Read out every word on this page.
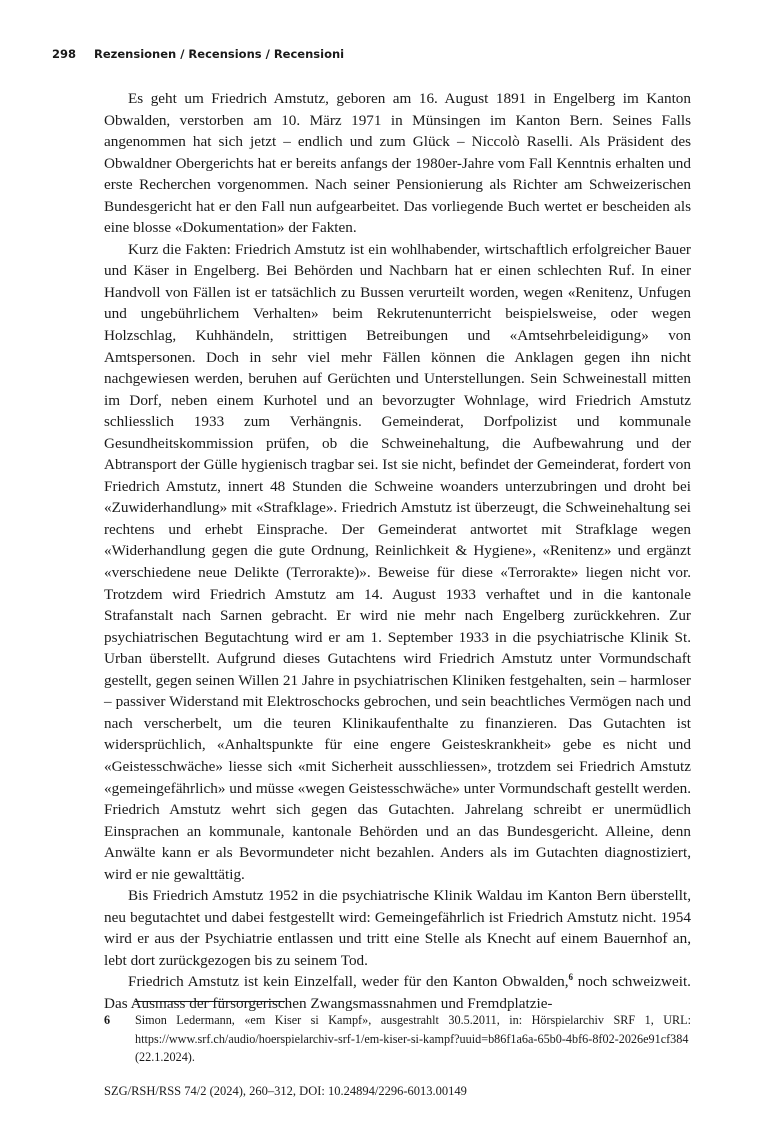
298 Rezensionen / Recensions / Recensioni

Es geht um Friedrich Amstutz, geboren am 16. August 1891 in Engelberg im Kanton Obwalden, verstorben am 10. März 1971 in Münsingen im Kanton Bern. Seines Falls angenommen hat sich jetzt – endlich und zum Glück – Niccolò Raselli. Als Präsident des Obwaldner Obergerichts hat er bereits anfangs der 1980er-Jahre vom Fall Kenntnis erhalten und erste Recherchen vorgenommen. Nach seiner Pensionierung als Richter am Schweizerischen Bundesgericht hat er den Fall nun aufgearbeitet. Das vorliegende Buch wertet er bescheiden als eine blosse «Dokumentation» der Fakten.

Kurz die Fakten: Friedrich Amstutz ist ein wohlhabender, wirtschaftlich erfolgreicher Bauer und Käser in Engelberg. Bei Behörden und Nachbarn hat er einen schlechten Ruf. In einer Handvoll von Fällen ist er tatsächlich zu Bussen verurteilt worden, wegen «Renitenz, Unfugen und ungebührlichem Verhalten» beim Rekrutenunterricht beispielsweise, oder wegen Holzschlag, Kuhhändeln, strittigen Betreibungen und «Amtsehrbeleidigung» von Amtspersonen. Doch in sehr viel mehr Fällen können die Anklagen gegen ihn nicht nachgewiesen werden, beruhen auf Gerüchten und Unterstellungen. Sein Schweinestall mitten im Dorf, neben einem Kurhotel und an bevorzugter Wohnlage, wird Friedrich Amstutz schliesslich 1933 zum Verhängnis. Gemeinderat, Dorfpolizist und kommunale Gesundheitskommission prüfen, ob die Schweinehaltung, die Aufbewahrung und der Abtransport der Gülle hygienisch tragbar sei. Ist sie nicht, befindet der Gemeinderat, fordert von Friedrich Amstutz, innert 48 Stunden die Schweine woanders unterzubringen und droht bei «Zuwiderhandlung» mit «Strafklage». Friedrich Amstutz ist überzeugt, die Schweinehaltung sei rechtens und erhebt Einsprache. Der Gemeinderat antwortet mit Strafklage wegen «Widerhandlung gegen die gute Ordnung, Reinlichkeit & Hygiene», «Renitenz» und ergänzt «verschiedene neue Delikte (Terrorakte)». Beweise für diese «Terrorakte» liegen nicht vor. Trotzdem wird Friedrich Amstutz am 14. August 1933 verhaftet und in die kantonale Strafanstalt nach Sarnen gebracht. Er wird nie mehr nach Engelberg zurückkehren. Zur psychiatrischen Begutachtung wird er am 1. September 1933 in die psychiatrische Klinik St. Urban überstellt. Aufgrund dieses Gutachtens wird Friedrich Amstutz unter Vormundschaft gestellt, gegen seinen Willen 21 Jahre in psychiatrischen Kliniken festgehalten, sein – harmloser – passiver Widerstand mit Elektroschocks gebrochen, und sein beachtliches Vermögen nach und nach verscherbelt, um die teuren Klinikaufenthalte zu finanzieren. Das Gutachten ist widersprüchlich, «Anhaltspunkte für eine engere Geisteskrankheit» gebe es nicht und «Geistesschwäche» liesse sich «mit Sicherheit ausschliessen», trotzdem sei Friedrich Amstutz «gemeingefährlich» und müsse «wegen Geistesschwäche» unter Vormundschaft gestellt werden. Friedrich Amstutz wehrt sich gegen das Gutachten. Jahrelang schreibt er unermüdlich Einsprachen an kommunale, kantonale Behörden und an das Bundesgericht. Alleine, denn Anwälte kann er als Bevormundeter nicht bezahlen. Anders als im Gutachten diagnostiziert, wird er nie gewalttätig.

Bis Friedrich Amstutz 1952 in die psychiatrische Klinik Waldau im Kanton Bern überstellt, neu begutachtet und dabei festgestellt wird: Gemeingefährlich ist Friedrich Amstutz nicht. 1954 wird er aus der Psychiatrie entlassen und tritt eine Stelle als Knecht auf einem Bauernhof an, lebt dort zurückgezogen bis zu seinem Tod.

Friedrich Amstutz ist kein Einzelfall, weder für den Kanton Obwalden,$^6$ noch schweizweit. Das Ausmass der fürsorgerischen Zwangsmassnahmen und Fremdplatzie-

6	Simon Ledermann, «em Kiser si Kampf», ausgestrahlt 30.5.2011, in: Hörspielarchiv SRF 1, URL: https://www.srf.ch/audio/hoerspielarchiv-srf-1/em-kiser-si-kampf?uuid=b86f1a6a-65b0-4bf6-8f02-2026e91cf384 (22.1.2024).
SZG/RSH/RSS 74/2 (2024), 260–312, DOI: 10.24894/2296-6013.00149
